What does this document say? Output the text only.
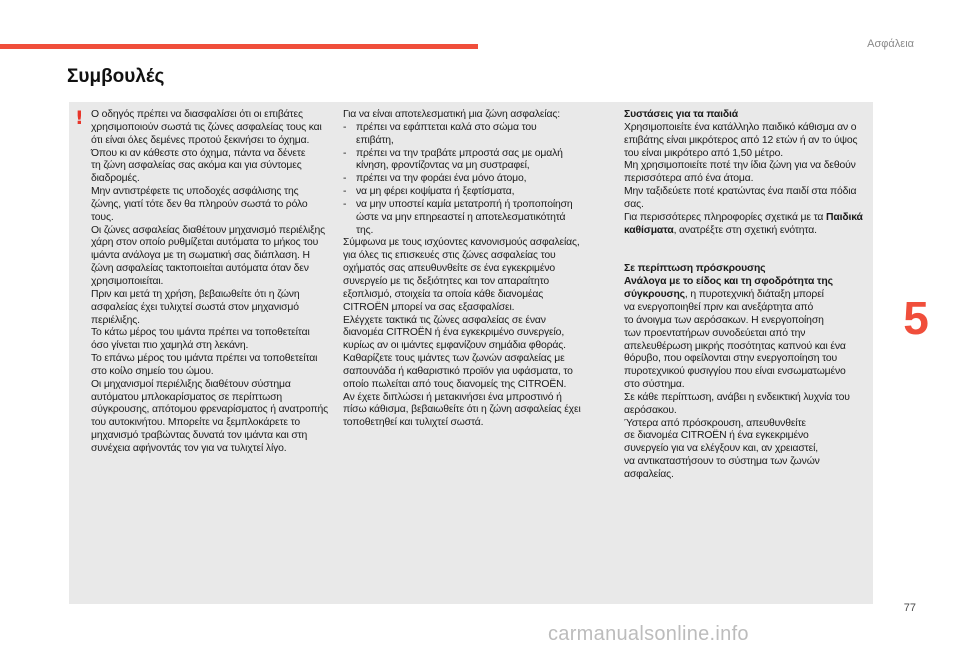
Ασφάλεια
Συμβουλές
! Ο οδηγός πρέπει να διασφαλίσει ότι οι επιβάτες
χρησιμοποιούν σωστά τις ζώνες ασφαλείας τους και
ότι είναι όλες δεμένες προτού ξεκινήσει το όχημα.
Όπου κι αν κάθεστε στο όχημα, πάντα να δένετε
τη ζώνη ασφαλείας σας ακόμα και για σύντομες
διαδρομές.
Μην αντιστρέφετε τις υποδοχές ασφάλισης της
ζώνης, γιατί τότε δεν θα πληρούν σωστά το ρόλο
τους.
Οι ζώνες ασφαλείας διαθέτουν μηχανισμό περιέλιξης
χάρη στον οποίο ρυθμίζεται αυτόματα το μήκος του
ιμάντα ανάλογα με τη σωματική σας διάπλαση. Η
ζώνη ασφαλείας τακτοποιείται αυτόματα όταν δεν
χρησιμοποιείται.
Πριν και μετά τη χρήση, βεβαιωθείτε ότι η ζώνη
ασφαλείας έχει τυλιχτεί σωστά στον μηχανισμό
περιέλιξης.
Το κάτω μέρος του ιμάντα πρέπει να τοποθετείται
όσο γίνεται πιο χαμηλά στη λεκάνη.
Το επάνω μέρος του ιμάντα πρέπει να τοποθετείται
στο κοίλο σημείο του ώμου.
Οι μηχανισμοί περιέλιξης διαθέτουν σύστημα
αυτόματου μπλοκαρίσματος σε περίπτωση
σύγκρουσης, απότομου φρεναρίσματος ή ανατροπής
του αυτοκινήτου. Μπορείτε να ξεμπλοκάρετε το
μηχανισμό τραβώντας δυνατά τον ιμάντα και στη
συνέχεια αφήνοντάς τον για να τυλιχτεί λίγο.
Για να είναι αποτελεσματική μια ζώνη ασφαλείας:
- πρέπει να εφάπτεται καλά στο σώμα του
επιβάτη,
- πρέπει να την τραβάτε μπροστά σας με ομαλή
κίνηση, φροντίζοντας να μη συστραφεί,
- πρέπει να την φοράει ένα μόνο άτομο,
- να μη φέρει κοψίματα ή ξεφτίσματα,
- να μην υποστεί καμία μετατροπή ή τροποποίηση
ώστε να μην επηρεαστεί η αποτελεσματικότητά
της.
Σύμφωνα με τους ισχύοντες κανονισμούς ασφαλείας,
για όλες τις επισκευές στις ζώνες ασφαλείας του
οχήματός σας απευθυνθείτε σε ένα εγκεκριμένο
συνεργείο με τις δεξιότητες και τον απαραίτητο
εξοπλισμό, στοιχεία τα οποία κάθε διανομέας
CITROËN μπορεί να σας εξασφαλίσει.
Ελέγχετε τακτικά τις ζώνες ασφαλείας σε έναν
διανομέα CITROËN ή ένα εγκεκριμένο συνεργείο,
κυρίως αν οι ιμάντες εμφανίζουν σημάδια φθοράς.
Καθαρίζετε τους ιμάντες των ζωνών ασφαλείας με
σαπουνάδα ή καθαριστικό προϊόν για υφάσματα, το
οποίο πωλείται από τους διανομείς της CITROËN.
Αν έχετε διπλώσει ή μετακινήσει ένα μπροστινό ή
πίσω κάθισμα, βεβαιωθείτε ότι η ζώνη ασφαλείας έχει
τοποθετηθεί και τυλιχτεί σωστά.
Συστάσεις για τα παιδιά
Χρησιμοποιείτε ένα κατάλληλο παιδικό κάθισμα αν ο
επιβάτης είναι μικρότερος από 12 ετών ή αν το ύψος
του είναι μικρότερο από 1,50 μέτρο.
Μη χρησιμοποιείτε ποτέ την ίδια ζώνη για να δεθούν
περισσότερα από ένα άτομα.
Μην ταξιδεύετε ποτέ κρατώντας ένα παιδί στα πόδια
σας.
Για περισσότερες πληροφορίες σχετικά με τα Παιδικά
καθίσματα, ανατρέξτε στη σχετική ενότητα.
Σε περίπτωση πρόσκρουσης
Ανάλογα με το είδος και τη σφοδρότητα της
σύγκρουσης, η πυροτεχνική διάταξη μπορεί
να ενεργοποιηθεί πριν και ανεξάρτητα από
το άνοιγμα των αερόσακων. Η ενεργοποίηση
των προεντατήρων συνοδεύεται από την
απελευθέρωση μικρής ποσότητας καπνού και ένα
θόρυβο, που οφείλονται στην ενεργοποίηση του
πυροτεχνικού φυσιγγίου που είναι ενσωματωμένο
στο σύστημα.
Σε κάθε περίπτωση, ανάβει η ενδεικτική λυχνία του
αερόσακου.
Ύστερα από πρόσκρουση, απευθυνθείτε
σε διανομέα CITROËN ή ένα εγκεκριμένο
συνεργείο για να ελέγξουν και, αν χρειαστεί,
να αντικαταστήσουν το σύστημα των ζωνών
ασφαλείας.
5
77
carmanualsonline.info
